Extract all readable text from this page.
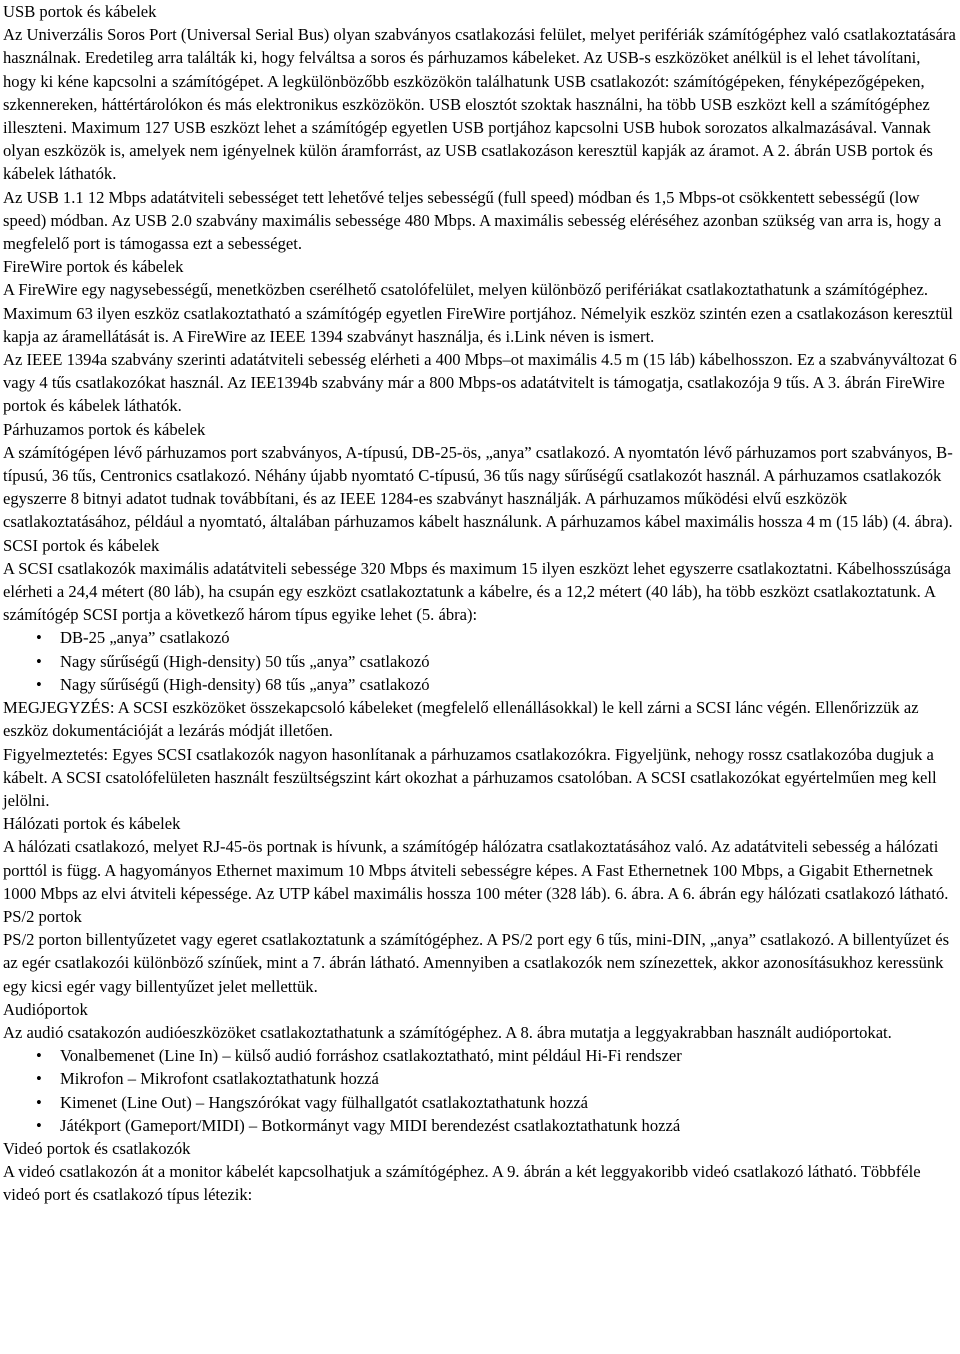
USB portok és kábelek

Az Univerzális Soros Port (Universal Serial Bus) olyan szabványos csatlakozási felület, melyet perifériák számítógéphez való csatlakoztatására használnak. Eredetileg arra találták ki, hogy felváltsa a soros és párhuzamos kábeleket. Az USB-s eszközöket anélkül is el lehet távolítani, hogy ki kéne kapcsolni a számítógépet. A legkülönbözőbb eszközökön találhatunk USB csatlakozót: számítógépeken, fényképezőgépeken, szkennereken, háttértárolókon és más elektronikus eszközökön. USB elosztót szoktak használni, ha több USB eszközt kell a számítógéphez illeszteni. Maximum 127 USB eszközt lehet a számítógép egyetlen USB portjához kapcsolni USB hubok sorozatos alkalmazásával. Vannak olyan eszközök is, amelyek nem igényelnek külön áramforrást, az USB csatlakozáson keresztül kapják az áramot. A 2. ábrán USB portok és kábelek láthatók.

Az USB 1.1 12 Mbps adatátviteli sebességet tett lehetővé teljes sebességű (full speed) módban és 1,5 Mbps-ot csökkentett sebességű (low speed) módban. Az USB 2.0 szabvány maximális sebessége 480 Mbps. A maximális sebesség eléréséhez azonban szükség van arra is, hogy a megfelelő port is támogassa ezt a sebességet.

FireWire portok és kábelek

A FireWire egy nagysebességű, menetközben cserélhető csatolófelület, melyen különböző perifériákat csatlakoztathatunk a számítógéphez. Maximum 63 ilyen eszköz csatlakoztatható a számítógép egyetlen FireWire portjához. Némelyik eszköz szintén ezen a csatlakozáson keresztül kapja az áramellátását is. A FireWire az IEEE 1394 szabványt használja, és i.Link néven is ismert.

Az IEEE 1394a szabvány szerinti adatátviteli sebesség elérheti a 400 Mbps–ot maximális 4.5 m (15 láb) kábelhosszon. Ez a szabványváltozat 6 vagy 4 tűs csatlakozókat használ. Az IEE1394b szabvány már a 800 Mbps-os adatátvitelt is támogatja, csatlakozója 9 tűs. A 3. ábrán FireWire portok és kábelek láthatók.

Párhuzamos portok és kábelek

A számítógépen lévő párhuzamos port szabványos, A-típusú, DB-25-ös, „anya” csatlakozó. A nyomtatón lévő párhuzamos port szabványos, B-típusú, 36 tűs, Centronics csatlakozó. Néhány újabb nyomtató C-típusú, 36 tűs nagy sűrűségű csatlakozót használ. A párhuzamos csatlakozók egyszerre 8 bitnyi adatot tudnak továbbítani, és az IEEE 1284-es szabványt használják. A párhuzamos működési elvű eszközök csatlakoztatásához, például a nyomtató, általában párhuzamos kábelt használunk. A párhuzamos kábel maximális hossza 4 m (15 láb) (4. ábra).

SCSI portok és kábelek

A SCSI csatlakozók maximális adatátviteli sebessége 320 Mbps és maximum 15 ilyen eszközt lehet egyszerre csatlakoztatni. Kábelhosszúsága elérheti a 24,4 métert (80 láb), ha csupán egy eszközt csatlakoztatunk a kábelre, és a 12,2 métert (40 láb), ha több eszközt csatlakoztatunk. A számítógép SCSI portja a következő három típus egyike lehet (5. ábra):

• DB-25 „anya” csatlakozó
• Nagy sűrűségű (High-density) 50 tűs „anya” csatlakozó
• Nagy sűrűségű (High-density) 68 tűs „anya” csatlakozó

MEGJEGYZÉS: A SCSI eszközöket összekapcsoló kábeleket (megfelelő ellenállásokkal) le kell zárni a SCSI lánc végén. Ellenőrizzük az eszköz dokumentációját a lezárás módját illetően.

Figyelmeztetés: Egyes SCSI csatlakozók nagyon hasonlítanak a párhuzamos csatlakozókra. Figyeljünk, nehogy rossz csatlakozóba dugjuk a kábelt. A SCSI csatolófelületen használt feszültségszint kárt okozhat a párhuzamos csatolóban. A SCSI csatlakozókat egyértelműen meg kell jelölni.

Hálózati portok és kábelek

A hálózati csatlakozó, melyet RJ-45-ös portnak is hívunk, a számítógép hálózatra csatlakoztatásához való. Az adatátviteli sebesség a hálózati porttól is függ. A hagyományos Ethernet maximum 10 Mbps átviteli sebességre képes. A Fast Ethernetnek 100 Mbps, a Gigabit Ethernetnek 1000 Mbps az elvi átviteli képessége. Az UTP kábel maximális hossza 100 méter (328 láb). 6. ábra. A 6. ábrán egy hálózati csatlakozó látható.

PS/2 portok

PS/2 porton billentyűzetet vagy egeret csatlakoztatunk a számítógéphez. A PS/2 port egy 6 tűs, mini-DIN, „anya” csatlakozó. A billentyűzet és az egér csatlakozói különböző színűek, mint a 7. ábrán látható. Amennyiben a csatlakozók nem színezettek, akkor azonosításukhoz keressünk egy kicsi egér vagy billentyűzet jelet mellettük.

Audióportok

Az audió csatakozón audióeszközöket csatlakoztathatunk a számítógéphez. A 8. ábra mutatja a leggyakrabban használt audióportokat.

• Vonalbemenet (Line In) – külső audió forráshoz csatlakoztatható, mint például Hi-Fi rendszer
• Mikrofon – Mikrofont csatlakoztathatunk hozzá
• Kimenet (Line Out) – Hangszórókat vagy fülhallgatót csatlakoztathatunk hozzá
• Játékport (Gameport/MIDI) – Botkormányt vagy MIDI berendezést csatlakoztathatunk hozzá

Videó portok és csatlakozók

A videó csatlakozón át a monitor kábelét kapcsolhatjuk a számítógéphez. A 9. ábrán a két leggyakoribb videó csatlakozó látható. Többféle videó port és csatlakozó típus létezik:
